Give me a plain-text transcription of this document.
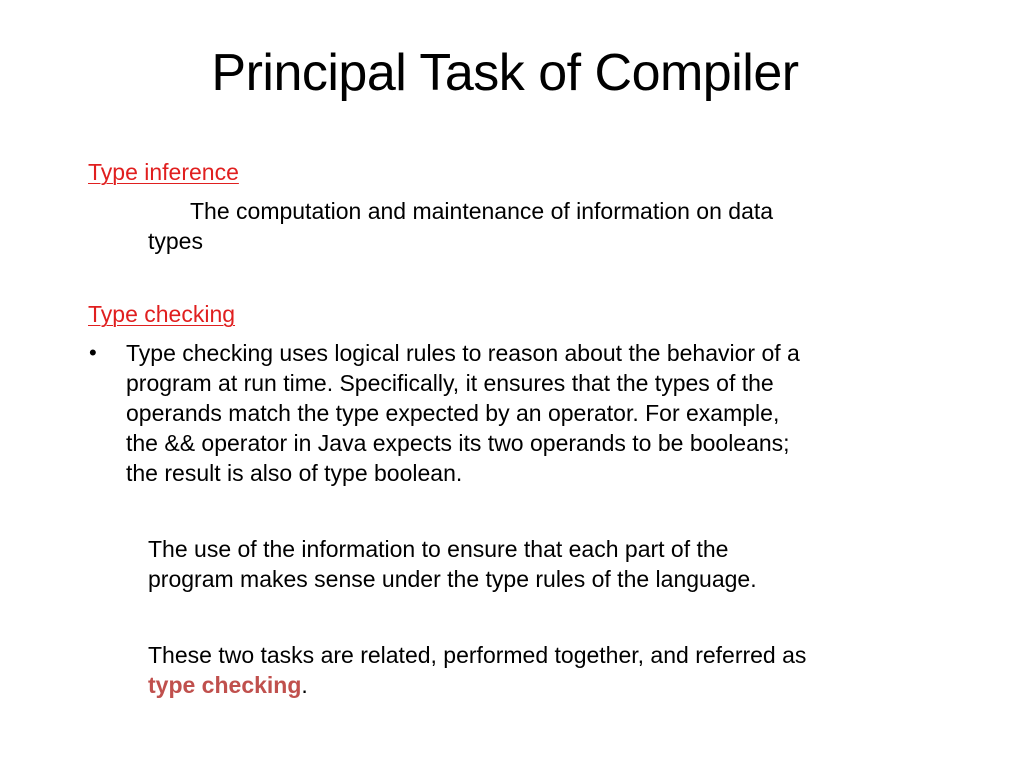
Principal Task of Compiler
Type inference
The computation and maintenance of information on data
types
Type checking
• Type checking uses logical rules to reason about the behavior of a
program at run time. Specifically, it ensures that the types of the
operands match the type expected by an operator. For example,
the && operator in Java expects its two operands to be booleans;
the result is also of type boolean.
The use of the information to ensure that each part of the
program makes sense under the type rules of the language.
These two tasks are related, performed together, and referred as
type checking.
